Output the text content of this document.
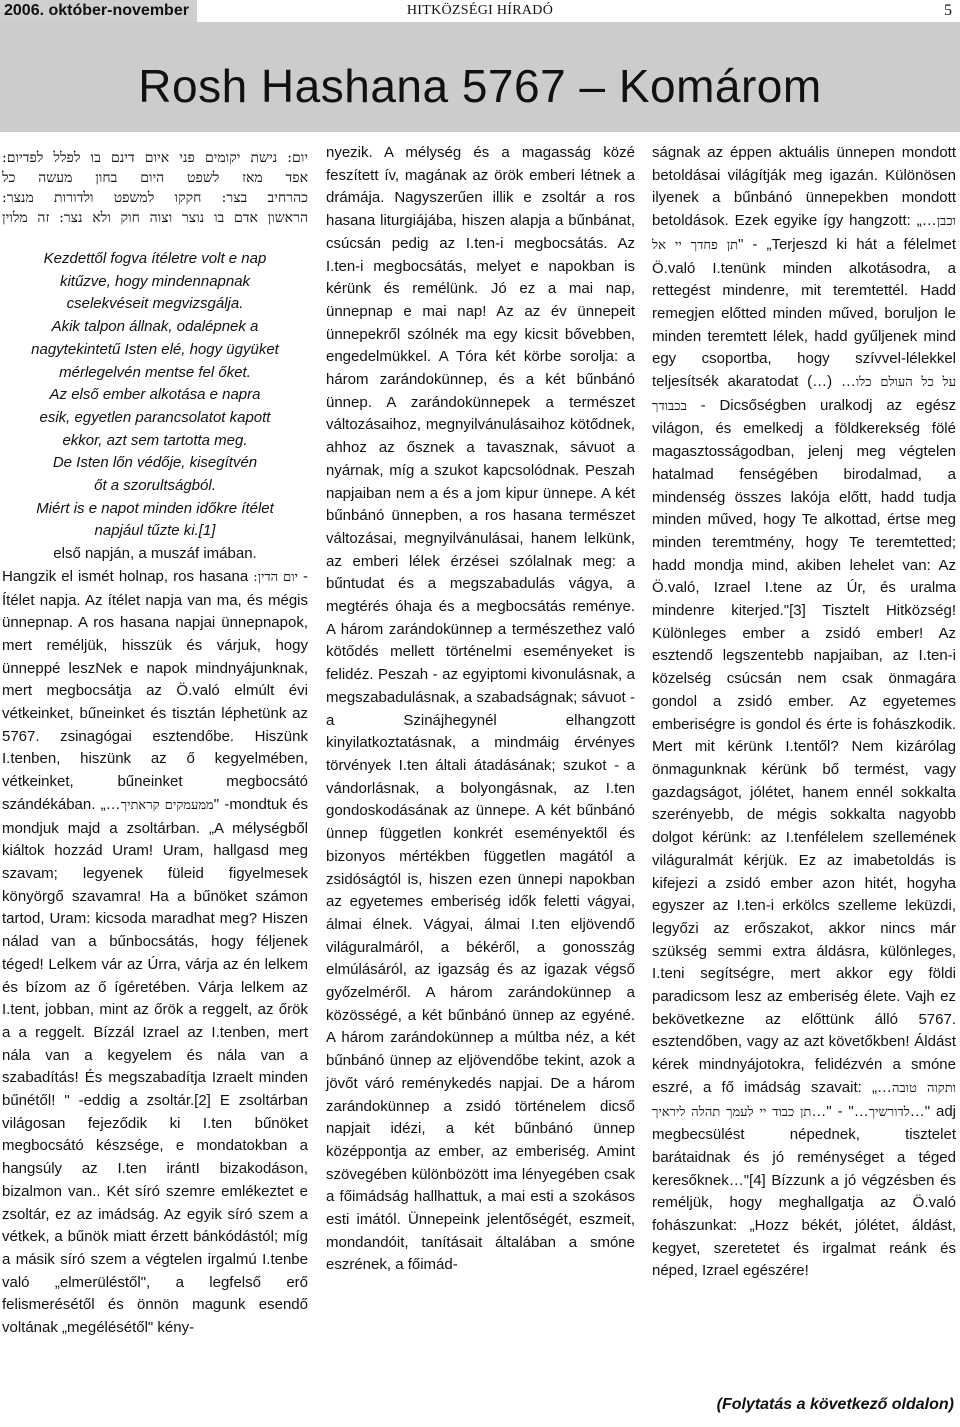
2006. október-november	HITKÖZSÉGI HÍRADÓ	5
Rosh Hashana 5767 – Komárom
יום: נישת יקומים פני איום דינם בו לפלל לפדיום:
אפד מאז לשפט היום בחון מעשה כל
כהרחיב בצר: חקקו למשפט ולדורות מנצר:
הראשון אדם בו נוצר וצוה חוק ולא נצר: זה מלוין
Kezdettől fogva ítéletre volt e nap
kitűzve, hogy mindennapnak
cselekvéseit megvizsgálja.
Akik talpon állnak, odalépnek a
nagytekintetű Isten elé, hogy ügyüket
mérlegelvén mentse fel őket.
Az első ember alkotása e napra
esik, egyetlen parancsolatot kapott
ekkor, azt sem tartotta meg.
De Isten lőn védője, kisegítvén
őt a szorultságból.
Miért is e napot minden időkre ítélet
napjául tűzte ki.[1]

első napján, a muszáf imában.

Hangzik el ismét holnap, ros hasana יום הדין: - Ítélet napja. Az ítélet napja van ma, és mégis ünnepnap. A ros hasana napjai ünnepnapok, mert reméljük, hisszük és várjuk, hogy ünneppé leszNek e napok mindnyájunknak, mert megbocsátja az Ö.való elmúlt évi vétkeinket, bűneinket és tisztán léphetünk az 5767. zsinagógai esztendőbe. Hiszünk I.tenben, hiszünk az ő kegyelmében, vétkeinket, bűneinket megbocsátó szándékában. „…ממעמקים קראתיך" -mondtuk és mondjuk majd a zsoltárban. „A mélységből kiáltok hozzád Uram! Uram, hallgasd meg szavam; legyenek füleid figyelmesek könyörgő szavamra! Ha a bűnöket számon tartod, Uram: kicsoda maradhat meg? Hiszen nálad van a bűnbocsátás, hogy féljenek téged! Lelkem vár az Úrra, várja az én lelkem és bízom az ő ígéretében. Várja lelkem az I.tent, jobban, mint az őrök a reggelt, az őrök a a reggelt. Bízzál Izrael az I.tenben, mert nála van a kegyelem és nála van a szabadítás! És megszabadítja Izraelt minden bűnétől! " -eddig a zsoltár.[2] E zsoltárban világosan fejeződik ki I.ten bűnöket megbocsátó készsége, e mondatokban a hangsúly az I.ten irántI bizakodáson, bizalmon van.. Két síró szemre emlékeztet e zsoltár, ez az imádság. Az egyik síró szem a vétkek, a bűnök miatt érzett bánkódástól; míg a másik síró szem a végtelen irgalmú I.tenbe való „elmerüléstől", a legfelső erő felismerésétől és önnön magunk esendő voltának „megélésétől" kény-

nyezik. A mélység és a magasság közé feszített ív, magának az örök emberi létnek a drámája. Nagyszerűen illik e zsoltár a ros hasana liturgiájába, hiszen alapja a bűnbánat, csúcsán pedig az I.ten-i megbocsátás. Az I.ten-i megbocsátás, melyet e napokban is kérünk és remélünk. Jó ez a mai nap, ünnepnap e mai nap! Az az év ünnepeit ünnepekről szólnék ma egy kicsit bővebben, engedelmükkel. A Tóra két körbe sorolja: a három zarándokünnep, és a két bűnbánó ünnep. A zarándokünnepek a természet változásaihoz, megnyilvánulásaihoz kötődnek, ahhoz az ősznek a tavasznak, sávuot a nyárnak, míg a szukot kapcsolódnak. Peszah napjaiban nem a és a jom kipur ünnepe. A két bűnbánó ünnepben, a ros hasana természet változásai, megnyilvánulásai, hanem lelkünk, az emberi lélek érzései szólalnak meg: a bűntudat és a megszabadulás vágya, a megtérés óhaja és a megbocsátás reménye. A három zarándokünnep a természethez való kötődés mellett történelmi eseményeket is felidéz. Peszah - az egyiptomi kivonulásnak, a megszabadulásnak, a szabadságnak; sávuot - a Szinájhegynél elhangzott kinyilatkoztatásnak, a mindmáig érvényes törvények I.ten általi átadásának; szukot - a vándorlásnak, a bolyongásnak, az I.ten gondoskodásának az ünnepe. A két bűnbánó ünnep független konkrét eseményektől és bizonyos mértékben független magától a zsidóságtól is, hiszen ezen ünnepi napokban az egyetemes emberiség idők feletti vágyai, álmai élnek. Vágyai, álmai I.ten eljövendő világuralmáról, a békéről, a gonosszág elmúlásáról, az igazság és az igazak végső győzelméről. A három zarándokünnep a közösségé, a két bűnbánó ünnep az egyéné. A három zarándokünnep a múltba néz, a két bűnbánó ünnep az eljövendőbe tekint, azok a jövőt váró reménykedés napjai. De a három zarándokünnep a zsidó történelem dicső napjait idézi, a két bűnbánó ünnep középpontja az ember, az emberiség. Amint szövegében különbözött ima lényegében csak a főimádság hallhattuk, a mai esti a szokásos esti imától. Ünnepeink jelentőségét, eszmeit, mondandóit, tanításait általában a smóne eszrének, a főimád-

ságnak az éppen aktuális ünnepen mondott betoldásai világítják meg igazán. Különösen ilyenek a bűnbánó ünnepekben mondott betoldások. Ezek egyike így hangzott: „…וכבן תן פחדך יי אל" - „Terjeszd ki hát a félelmet Ö.való I.tenünk minden alkotásodra, a rettegést mindenre, mit teremtettél. Hadd remegjen előtted minden műved, boruljon le minden teremtett lélek, hadd gyűljenek mind egy csoportba, hogy szívvel-lélekkel teljesítsék akaratodat (…) …על כל העולם כלו בכבודך - Dicsőségben uralkodj az egész világon, és emelkedj a földkerekség fölé magasztosságodban, jelenj meg végtelen hatalmad fenségében birodalmad, a mindenség összes lakója előtt, hadd tudja minden műved, hogy Te alkottad, értse meg minden teremtmény, hogy Te teremtetted; hadd mondja mind, akiben lehelet van: Az Ö.való, Izrael I.tene az Úr, és uralma mindenre kiterjed."[3] Tisztelt Hitközség! Különleges ember a zsidó ember! Az esztendő legszentebb napjaiban, az I.ten-i közelség csúcsán nem csak önmagára gondol a zsidó ember. Az egyetemes emberiségre is gondol és érte is fohászkodik. Mert mit kérünk I.tentől? Nem kizárólag önmagunknak kérünk bő termést, vagy gazdagságot, jólétet, hanem ennél sokkalta szerényebb, de mégis sokkalta nagyobb dolgot kérünk: az I.tenfélelem szellemének világuralmát kérjük. Ez az imabetoldás is kifejezi a zsidó ember azon hitét, hogyha egyszer az I.ten-i erkölcs szelleme leküzdi, legyőzi az erőszakot, akkor nincs már szükség semmi extra áldásra, különleges, I.teni segítségre, mert akkor egy földi paradicsom lesz az emberiség élete. Vajh ez bekövetkezne az előttünk álló 5767. esztendőben, vagy az azt követőkben! Áldást kérek mindnyájotokra, felidézvén a smóne eszré, a fő imádság szavait: „…ותקוה טובה לדורשיך…" - "…תן כבוד יי לעמך תהלה ליראיך	…" adj megbecsülést népednek, tisztelet barátaidnak és jó reménységet a téged keresőknek…"[4] Bízzunk a jó végzésben és reméljük, hogy meghallgatja az Ö.való fohászunkat: „Hozz békét, jólétet, áldást, kegyet, szeretetet és irgalmat reánk és néped, Izrael egészére!

(Folytatás a következő oldalon)
